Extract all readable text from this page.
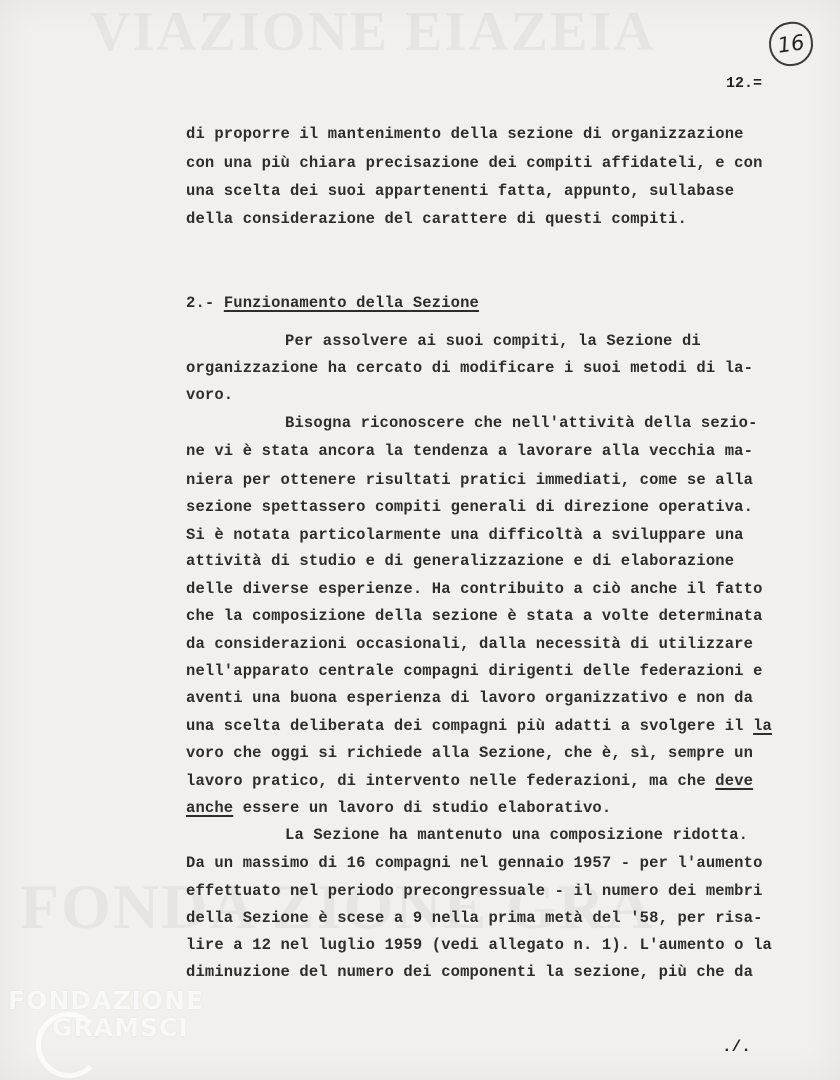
16
12.=
di proporre il mantenimento della sezione di organizzazione
con una più chiara precisazione dei compiti affidateli, e con
una scelta dei suoi appartenenti fatta, appunto, sullabase
della considerazione del carattere di questi compiti.
2.- Funzionamento della Sezione
Per assolvere ai suoi compiti, la Sezione di
organizzazione ha cercato di modificare i suoi metodi di la-
voro.
Bisogna riconoscere che nell'attività della sezio-
ne vi è stata ancora la tendenza a lavorare alla vecchia ma-
niera per ottenere risultati pratici immediati, come se alla
sezione spettassero compiti generali di direzione operativa.
Si è notata particolarmente una difficoltà a sviluppare una
attività di studio e di generalizzazione e di elaborazione
delle diverse esperienze. Ha contribuito a ciò anche il fatto
che la composizione della sezione è stata a volte determinata
da considerazioni occasionali, dalla necessità di utilizzare
nell'apparato centrale compagni dirigenti delle federazioni e
aventi una buona esperienza di lavoro organizzativo e non da
una scelta deliberata dei compagni più adatti a svolgere il la
voro che oggi si richiede alla Sezione, che è, sì, sempre un
lavoro pratico, di intervento nelle federazioni, ma che deve
anche essere un lavoro di studio elaborativo.
La Sezione ha mantenuto una composizione ridotta.
Da un massimo di 16 compagni nel gennaio 1957 - per l'aumento
effettuato nel periodo precongressuale - il numero dei membri
della Sezione è scese a 9 nella prima metà del '58, per risa-
lire a 12 nel luglio 1959 (vedi allegato n. 1). L'aumento o la
diminuzione del numero dei componenti la sezione, più che da
./.
FONDAZIONE
GRAMSCI
